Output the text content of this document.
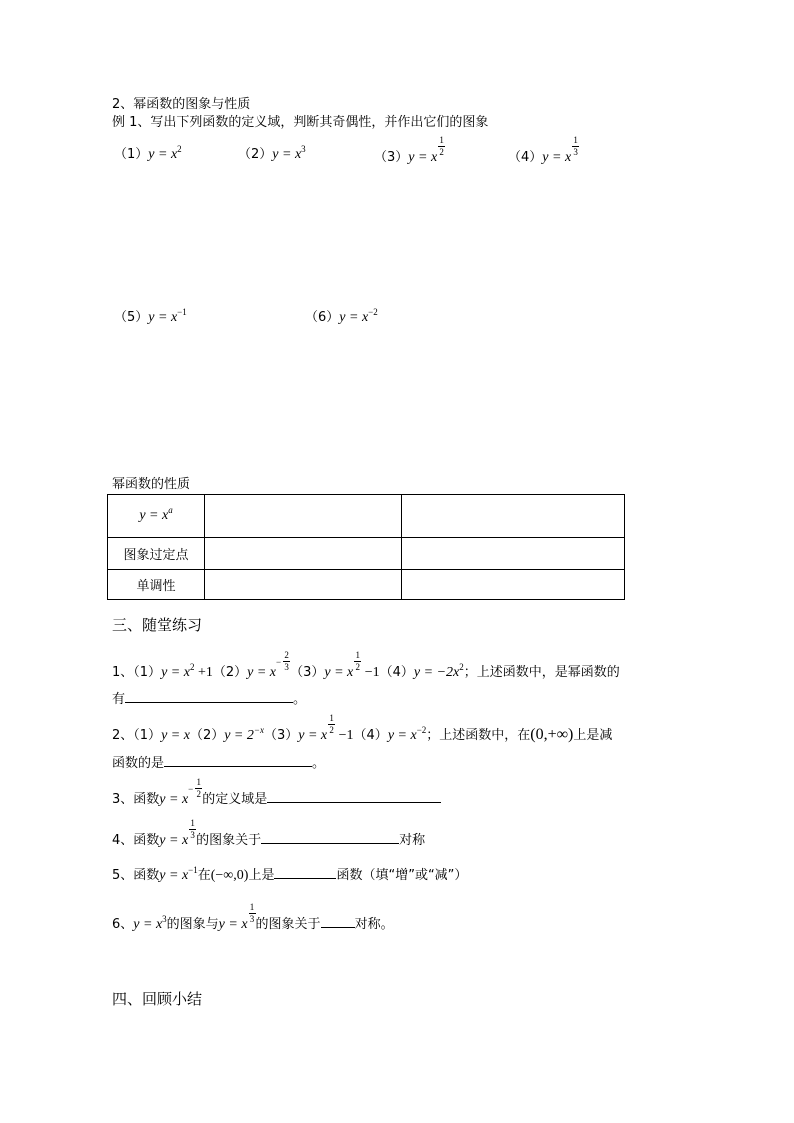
2、幂函数的图象与性质
例 1、写出下列函数的定义域，判断其奇偶性，并作出它们的图象
$(1)y = x^2$	$(2)y = x^3$
（3）y = x
$\frac{1}{2}$
（4）y = x
$\frac{1}{3}$
$(5)y = x^{-1}$	$(6)y = x^{-2}$
幂函数的性质
$y = x^a$		
图象过定点		
单调性		
三、随堂练习
1、$(1)y = x^2 +1(2)y = x$
− $\frac{2}{3}$
（3）y = x
$\frac{1}{2}$
$-1(4)y = -2x^2$；上述函数中，是幂函数的
有	。
2、$(1)y = x(2)y = 2^{-x}(3)y = x$
$\frac{1}{2}$
$-1(4)y = x^{-2}$；上述函数中，在(0,+∞)上是减
函数的是	。
3、函数y = x
− $\frac{1}{2}$
的定义域是
4、函数y = x
$\frac{1}{3}$
的图象关于	对称
5、函数$y = x^{-1}$在(−∞,0)上是	函数（填“增”或“减”）
6、$y = x^3$的图象与y = x
$\frac{1}{3}$
的图象关于	对称。
四、回顾小结
